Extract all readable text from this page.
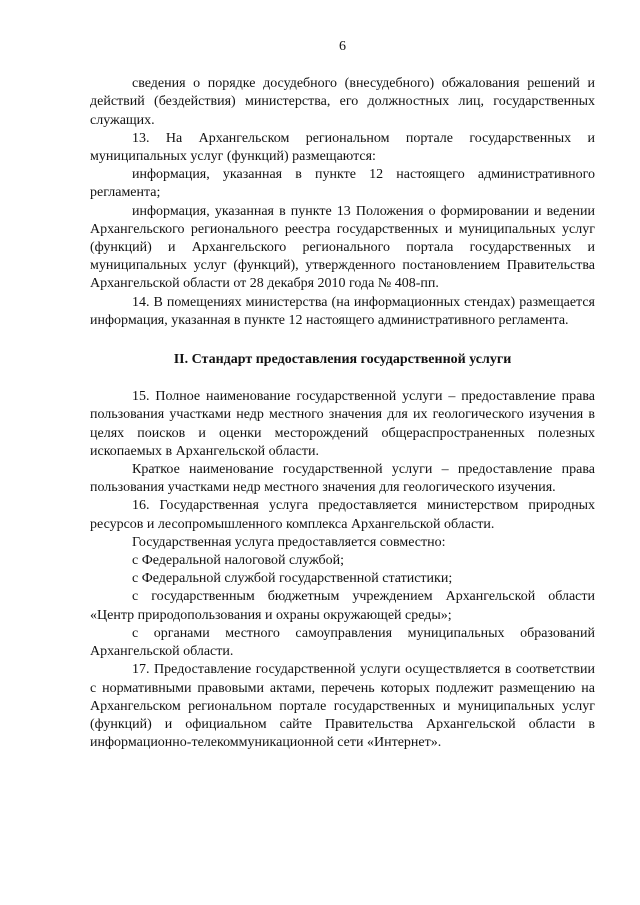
6

сведения о порядке досудебного (внесудебного) обжалования решений и действий (бездействия) министерства, его должностных лиц, государственных служащих.

13. На Архангельском региональном портале государственных и муниципальных услуг (функций) размещаются:

информация, указанная в пункте 12 настоящего административного регламента;

информация, указанная в пункте 13 Положения о формировании и ведении Архангельского регионального реестра государственных и муниципальных услуг (функций) и Архангельского регионального портала государственных и муниципальных услуг (функций), утвержденного постановлением Правительства Архангельской области от 28 декабря 2010 года № 408-пп.

14. В помещениях министерства (на информационных стендах) размещается информация, указанная в пункте 12 настоящего административного регламента.

II. Стандарт предоставления государственной услуги

15. Полное наименование государственной услуги – предоставление права пользования участками недр местного значения для их геологического изучения в целях поисков и оценки месторождений общераспространенных полезных ископаемых в Архангельской области.

Краткое наименование государственной услуги – предоставление права пользования участками недр местного значения для геологического изучения.

16. Государственная услуга предоставляется министерством природных ресурсов и лесопромышленного комплекса Архангельской области.

Государственная услуга предоставляется совместно:

с Федеральной налоговой службой;

с Федеральной службой государственной статистики;

с государственным бюджетным учреждением Архангельской области «Центр природопользования и охраны окружающей среды»;

с органами местного самоуправления муниципальных образований Архангельской области.

17. Предоставление государственной услуги осуществляется в соответствии с нормативными правовыми актами, перечень которых подлежит размещению на Архангельском региональном портале государственных и муниципальных услуг (функций) и официальном сайте Правительства Архангельской области в информационно-телекоммуникационной сети «Интернет».
